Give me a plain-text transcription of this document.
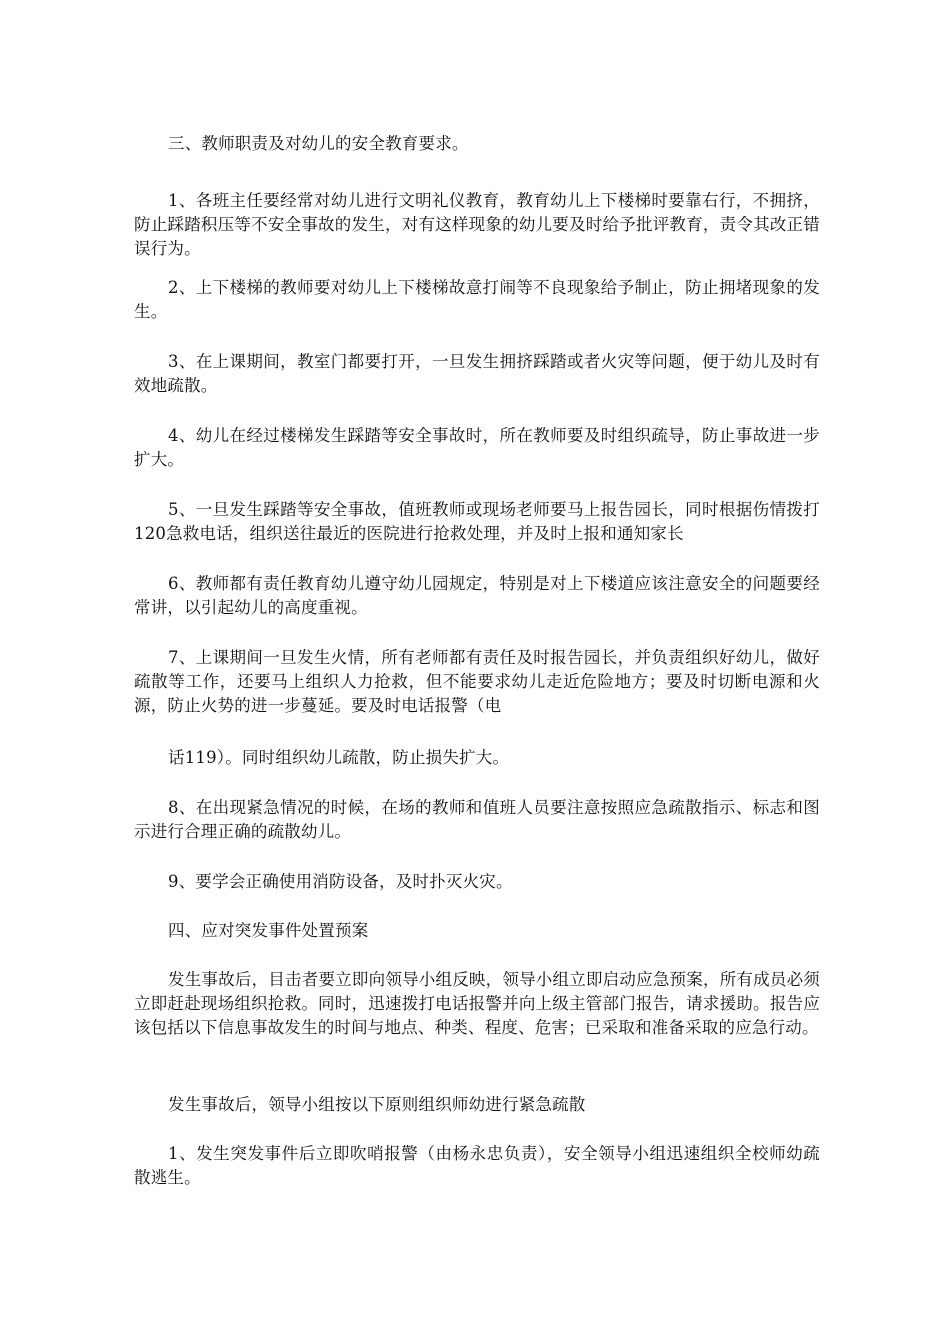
三、教师职责及对幼儿的安全教育要求。

1、各班主任要经常对幼儿进行文明礼仪教育，教育幼儿上下楼梯时要靠右行，不拥挤，防止踩踏积压等不安全事故的发生，对有这样现象的幼儿要及时给予批评教育，责令其改正错误行为。

2、上下楼梯的教师要对幼儿上下楼梯故意打闹等不良现象给予制止，防止拥堵现象的发生。

3、在上课期间，教室门都要打开，一旦发生拥挤踩踏或者火灾等问题，便于幼儿及时有效地疏散。

4、幼儿在经过楼梯发生踩踏等安全事故时，所在教师要及时组织疏导，防止事故进一步扩大。

5、一旦发生踩踏等安全事故，值班教师或现场老师要马上报告园长，同时根据伤情拨打120急救电话，组织送往最近的医院进行抢救处理，并及时上报和通知家长

6、教师都有责任教育幼儿遵守幼儿园规定，特别是对上下楼道应该注意安全的问题要经常讲，以引起幼儿的高度重视。

7、上课期间一旦发生火情，所有老师都有责任及时报告园长，并负责组织好幼儿，做好疏散等工作，还要马上组织人力抢救，但不能要求幼儿走近危险地方；要及时切断电源和火源，防止火势的进一步蔓延。要及时电话报警（电

话119）。同时组织幼儿疏散，防止损失扩大。

8、在出现紧急情况的时候，在场的教师和值班人员要注意按照应急疏散指示、标志和图示进行合理正确的疏散幼儿。

9、要学会正确使用消防设备，及时扑灭火灾。

四、应对突发事件处置预案

发生事故后，目击者要立即向领导小组反映，领导小组立即启动应急预案，所有成员必须立即赶赴现场组织抢救。同时，迅速拨打电话报警并向上级主管部门报告，请求援助。报告应该包括以下信息事故发生的时间与地点、种类、程度、危害；已采取和准备采取的应急行动。

发生事故后，领导小组按以下原则组织师幼进行紧急疏散

1、发生突发事件后立即吹哨报警（由杨永忠负责），安全领导小组迅速组织全校师幼疏散逃生。
